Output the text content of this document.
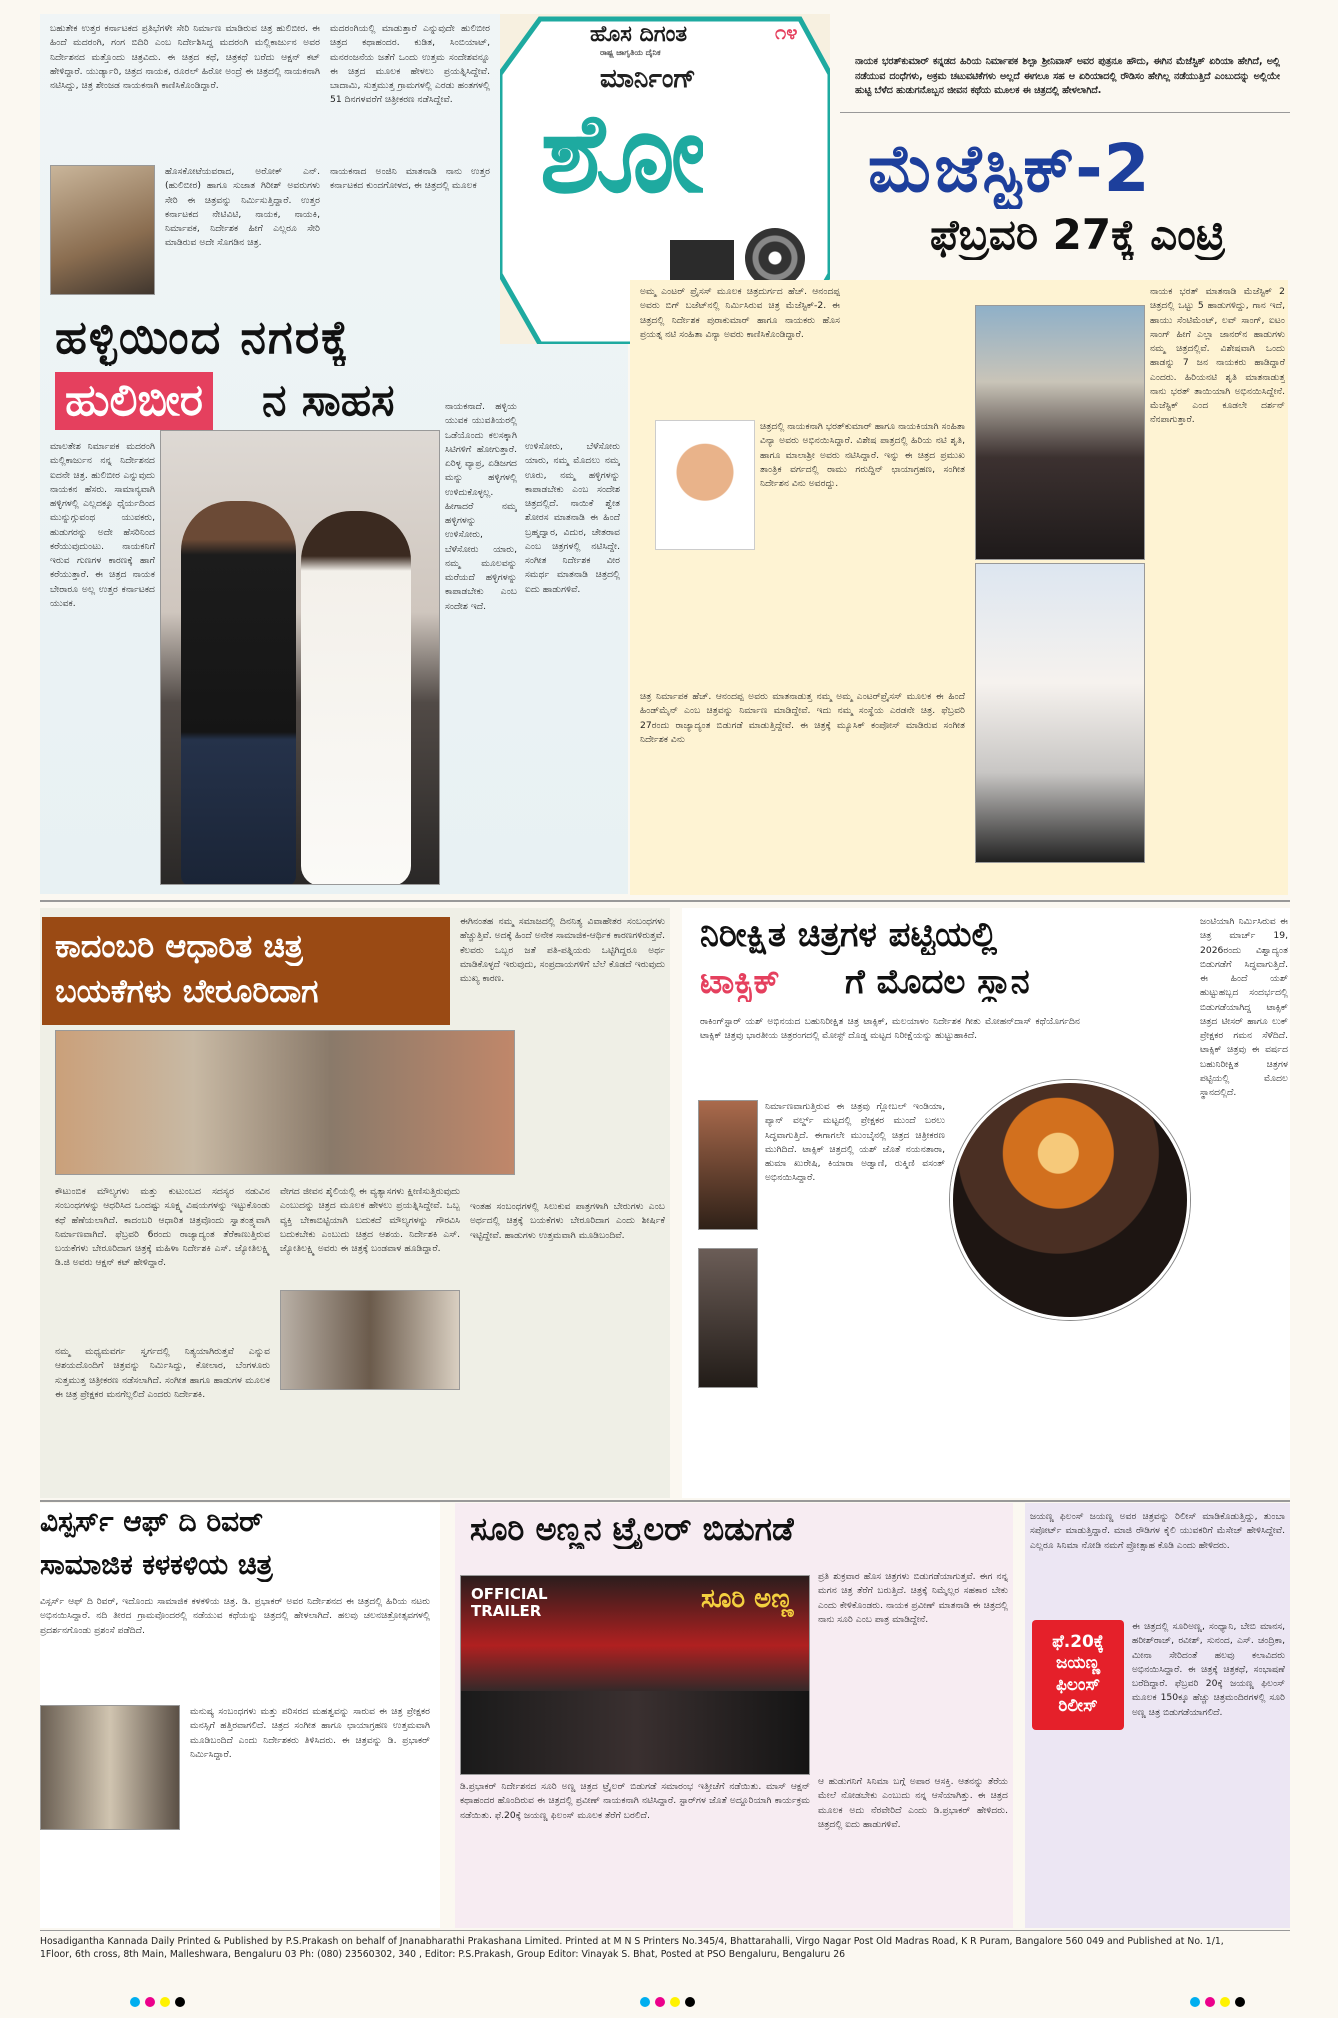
ಬಹುತೇಕ ಉತ್ತರ ಕರ್ನಾಟಕದ ಪ್ರತಿಭೆಗಳೇ ಸೇರಿ ನಿರ್ಮಾಣ ಮಾಡಿರುವ ಚಿತ್ರ ಹುಲಿಬೀರ. ಈ ಹಿಂದೆ ಮದರಂಗಿ, ಗಂಗ ಬಿದಿರಿ ಎಂಬ ನಿರ್ದೇಶಿಸಿದ್ದ ಮದರಂಗಿ ಮಲ್ಲಿಕಾರ್ಜುನ ಅವರ ನಿರ್ದೇಶನದ ಮತ್ತೊಂದು ಚಿತ್ರವಿದು. ಈ ಚಿತ್ರದ ಕಥೆ, ಚಿತ್ರಕಥೆ ಬರೆದು ಆಕ್ಷನ್ ಕಟ್ ಹೇಳಿದ್ದಾರೆ. ಯುರ್ಡ್ಯಾರಿ, ಚಿತ್ರದ ನಾಯಕ, ರೂರಲ್ ಹಿರೋ ಅಂದ್ರೆ ಈ ಚಿತ್ರದಲ್ಲಿ ನಾಯಕನಾಗಿ ನಟಿಸಿದ್ದು, ಚಿತ್ರ ಶೇಂಜಡ ನಾಯಕನಾಗಿ ಕಾಣಿಸಿಕೊಂಡಿದ್ದಾರೆ.
ಮದರಂಗಿಯಲ್ಲಿ ಮಾಡುತ್ತಾರೆ ಎನ್ನುವುದೇ ಹುಲಿಬೀರ ಚಿತ್ರದ ಕಥಾಹಂದರ. ಕುಡಿತ, ಸಿಂಬಿಯಾಟ್, ಮನರಂಜನೆಯ ಜತೆಗೆ ಒಂದು ಉತ್ತಮ ಸಂದೇಶವನ್ನೂ ಈ ಚಿತ್ರದ ಮೂಲಕ ಹೇಳಲು ಪ್ರಯತ್ನಿಸಿದ್ದೇವೆ. ಬಾದಾಮಿ, ಸುತ್ತಮುತ್ತ ಗ್ರಾಮಗಳಲ್ಲಿ ಎರಡು ಹಂತಗಳಲ್ಲಿ 51 ದಿನಗಳವರೆಗೆ ಚಿತ್ರೀಕರಣ ನಡೆಸಿದ್ದೇವೆ.
ಹೊಸಕೋಟೆಯವರಾದ, ಅರೋಕ್ ಎನ್. (ಹುಲಿಬೀರ) ಹಾಗೂ ಸುಜಾತ ಗಿರೀಶ್ ಅವರುಗಳು ಸೇರಿ ಈ ಚಿತ್ರವನ್ನು ನಿರ್ಮಿಸುತ್ತಿದ್ದಾರೆ. ಉತ್ತರ ಕರ್ನಾಟಕದ ನೇಟಿವಿಟಿ, ನಾಯಕ, ನಾಯಕಿ, ನಿರ್ಮಾಪಕ, ನಿರ್ದೇಶಕ ಹೀಗೆ ಎಲ್ಲರೂ ಸೇರಿ ಮಾಡಿರುವ ಅದೇ ಸೊಗಡಿನ ಚಿತ್ರ.
ನಾಯಕನಾದ ಅಂಜಿನಿ ಮಾತನಾಡಿ ನಾನು ಉತ್ತರ ಕರ್ನಾಟಕದ ಕುಂದಗೋಳದ, ಈ ಚಿತ್ರದಲ್ಲಿ ಮೂಲಕ
ಹಳ್ಳಿಯಿಂದ ನಗರಕ್ಕೆ
ಹುಲಿಬೀರ ನ ಸಾಹಸ
ಮಾಲತೇಶ ನಿರ್ಮಾಪಕ ಮದರಂಗಿ ಮಲ್ಲಿಕಾರ್ಜುನ ನನ್ನ ನಿರ್ದೇಶನದ ಐದನೇ ಚಿತ್ರ. ಹುಲಿಬೀರ ಎನ್ನುವುದು ನಾಯಕನ ಹೆಸರು. ಸಾಮಾನ್ಯವಾಗಿ ಹಳ್ಳಿಗಳಲ್ಲಿ ಎಲ್ಲದಕ್ಕೂ ಧೈರ್ಯದಿಂದ ಮುನ್ನುಗ್ಗುವಂಥ ಯುವಕರು, ಹುಡುಗರನ್ನು ಅದೇ ಹೆಸರಿನಿಂದ ಕರೆಯುವುದುಂಟು. ನಾಯಕನಿಗೆ ಇರುವ ಗುಣಗಳ ಕಾರಣಕ್ಕೆ ಹಾಗೆ ಕರೆಯುತ್ತಾರೆ. ಈ ಚಿತ್ರದ ನಾಯಕ ಬೇರಾರೂ ಅಲ್ಲ ಉತ್ತರ ಕರ್ನಾಟಕದ ಯುವಕ.
ನಾಯಕನಾದೆ. ಹಳ್ಳಿಯ ಯುವಕ ಯುವತಿಯರಲ್ಲಿ ಒಡೆಯೊಂದು ಕಲಸಕ್ಕಾಗಿ ಸಿಟಿಗಳಿಗೆ ಹೋಗುತ್ತಾರೆ. ಏರಿಳ್ಳ ವ್ಯಾಪ್ರ, ಏಡಿಜಗದ ಮನ್ನು ಹಳ್ಳಿಗಳಲ್ಲಿ ಉಳಿದುಕೊಳ್ಳಲ್ಲ. ಹೀಗಾದರೆ ನಮ್ಮ ಹಳ್ಳಿಗಳನ್ನು ಉಳಿಸೋರು, ಬೆಳೆಸೋರು ಯಾರು, ನಮ್ಮ ಮೂಲವನ್ನು ಮರೆಯದೆ ಹಳ್ಳಿಗಳನ್ನು ಕಾಪಾಡಬೇಕು ಎಂಬ ಸಂದೇಶ ಇದೆ.
ಉಳಿಸೋರು, ಬೆಳೆಸೋರು ಯಾರು, ನಮ್ಮ ಮೊದಲು ನಮ್ಮ ಊರು, ನಮ್ಮ ಹಳ್ಳಿಗಳನ್ನು ಕಾಪಾಡಬೇಕು ಎಂಬ ಸಂದೇಶ ಚಿತ್ರದಲ್ಲಿದೆ. ನಾಯಿಕೆ ಶ್ವೇತ ಶೋರಸ ಮಾತನಾಡಿ ಈ ಹಿಂದೆ ಬ್ರಹ್ಮದ್ವಾರ, ವಿದುರ, ಚೇತರಾವ ಎಂಬ ಚಿತ್ರಗಳಲ್ಲಿ ನಟಿಸಿದ್ದೇ. ಸಂಗೀತ ನಿರ್ದೇಶಕ ವೀರ ಸಮರ್ಥ ಮಾತನಾಡಿ ಚಿತ್ರದಲ್ಲಿ ಐದು ಹಾಡುಗಳಿವೆ.
ಹೊಸ ದಿಗಂತ	೧೪
ರಾಷ್ಟ್ರ ಜಾಗೃತಿಯ ದೈನಿಕ
ಮಾರ್ನಿಂಗ್
ಶೋ
ನಾಯಕ ಭರತ್‌ಕುಮಾರ್ ಕನ್ನಡದ ಹಿರಿಯ ನಿರ್ಮಾಪಕ ಶಿಲ್ಪಾ ಶ್ರೀನಿವಾಸ್ ಅವರ ಪುತ್ರನೂ ಹೌದು, ಈಗಿನ ಮೆಜೆಸ್ಟಿಕ್ ಏರಿಯಾ ಹೇಗಿದೆ, ಅಲ್ಲಿ ನಡೆಯುವ ದಂಧೆಗಳು, ಅಕ್ರಮ ಚಟುವಟಿಕೆಗಳು ಅಲ್ಲದೆ ಈಗಲೂ ಸಹ ಆ ಏರಿಯಾದಲ್ಲಿ ರೌಡಿಸಂ ಹೇಗಿಲ್ಲ ನಡೆಯುತ್ತಿದೆ ಎಂಬುದನ್ನು ಅಲ್ಲಿಯೇ ಹುಟ್ಟಿ ಬೆಳೆದ ಹುಡುಗನೊಬ್ಬನ ಜೀವನ ಕಥೆಯ ಮೂಲಕ ಈ ಚಿತ್ರದಲ್ಲಿ ಹೇಳಲಾಗಿದೆ.
ಮೆಜೆಸ್ಟಿಕ್-2
ಫೆಬ್ರವರಿ 27ಕ್ಕೆ ಎಂಟ್ರಿ
ಅಮ್ಮ ಎಂಟರ್ ಪ್ರೈಸಸ್ ಮೂಲಕ ಚಿತ್ರದುರ್ಗದ ಹೆಚ್. ಆನಂದಪ್ಪ ಅವರು ಬಿಗ್ ಬಜೆಟ್‌ನಲ್ಲಿ ನಿರ್ಮಿಸಿರುವ ಚಿತ್ರ ಮೆಜೆಸ್ಟಿಕ್-2. ಈ ಚಿತ್ರದಲ್ಲಿ ನಿರ್ದೇಶಕ ಪುರಾಕುಮಾರ್ ಹಾಗೂ ನಾಯಕರು ಹೊಸ ಪ್ರಯತ್ನ ನಟಿ ಸಂಹಿತಾ ವಿನ್ಯಾ ಅವರು ಕಾಣಿಸಿಕೊಂಡಿದ್ದಾರೆ.
ಚಿತ್ರದಲ್ಲಿ ನಾಯಕನಾಗಿ ಭರತ್‌ಕುಮಾರ್ ಹಾಗೂ ನಾಯಕಿಯಾಗಿ ಸಂಹಿತಾ ವಿನ್ಯಾ ಅವರು ಅಭಿನಯಿಸಿದ್ದಾರೆ. ವಿಶೇಷ ಪಾತ್ರದಲ್ಲಿ ಹಿರಿಯ ನಟಿ ಶೃತಿ, ಹಾಗೂ ಮಾಲಾಶ್ರೀ ಅವರು ನಟಿಸಿದ್ದಾರೆ. ಇನ್ನು ಈ ಚಿತ್ರದ ಪ್ರಮುಖ ತಾಂತ್ರಿಕ ವರ್ಗದಲ್ಲಿ ರಾಮು ಗರುದ್ದಿನ್ ಛಾಯಾಗ್ರಹಣ, ಸಂಗೀತ ನಿರ್ದೇಶನ ವಿನು ಅವರದ್ದು.
ಚಿತ್ರ ನಿರ್ಮಾಪಕ ಹೆಚ್. ಆನಂದಪ್ಪ ಅವರು ಮಾತನಾಡುತ್ತ ನಮ್ಮ ಅಮ್ಮ ಎಂಟರ್‌ಪ್ರೈಸಸ್ ಮೂಲಕ ಈ ಹಿಂದೆ ಹಿಂಡ್‌ಮೈನ್ ಎಂಬ ಚಿತ್ರವನ್ನು ನಿರ್ಮಾಣ ಮಾಡಿದ್ದೇವೆ. ಇದು ನಮ್ಮ ಸಂಸ್ಥೆಯ ಎರಡನೇ ಚಿತ್ರ. ಫೆಬ್ರವರಿ 27ರಂದು ರಾಜ್ಯಾದ್ಯಂತ ಬಿಡುಗಡೆ ಮಾಡುತ್ತಿದ್ದೇವೆ. ಈ ಚಿತ್ರಕ್ಕೆ ಮ್ಯೂಸಿಕ್ ಕಂಪೋಸ್ ಮಾಡಿರುವ ಸಂಗೀತ ನಿರ್ದೇಶಕ ವಿನು
ನಾಯಕ ಭರತ್ ಮಾತನಾಡಿ ಮೆಜೆಸ್ಟಿಕ್ 2 ಚಿತ್ರದಲ್ಲಿ ಒಟ್ಟು 5 ಹಾಡುಗಳಿದ್ದು, ಗಾನ ಇದೆ, ಹಾಯು ಸೆಂಟಿಮೆಂಟ್, ಲವ್ ಸಾಂಗ್, ಐಟಂ ಸಾಂಗ್ ಹೀಗೆ ಎಲ್ಲಾ ಜಾನರ್‌ನ ಹಾಡುಗಳು ನಮ್ಮ ಚಿತ್ರದಲ್ಲಿವೆ. ವಿಶೇಷವಾಗಿ ಒಂದು ಹಾಡನ್ನು 7 ಜನ ನಾಯಕರು ಹಾಡಿದ್ದಾರೆ ಎಂದರು. ಹಿರಿಯನಟಿ ಶೃತಿ ಮಾತನಾಡುತ್ತ ನಾನು ಭರತ್ ತಾಯಿಯಾಗಿ ಅಭಿನಯಿಸಿದ್ದೇನೆ. ಮೆಜೆಸ್ಟಿಕ್ ಎಂದ ಕೂಡಲೇ ದರ್ಶನ್ ನೆನಪಾಗುತ್ತಾರೆ.
ಕಾದಂಬರಿ ಆಧಾರಿತ ಚಿತ್ರ
ಬಯಕೆಗಳು ಬೇರೂರಿದಾಗ
ಈಗಿನಂತಹ ನಮ್ಮ ಸಮಾಜದಲ್ಲಿ ದಿನನಿತ್ಯ ವಿವಾಹೇತರ ಸಂಬಂಧಗಳು ಹೆಚ್ಚುತ್ತಿವೆ. ಅದಕ್ಕೆ ಹಿಂದೆ ಅನೇಕ ಸಾಮಾಜಿಕ-ಆರ್ಥಿಕ ಕಾರಣಗಳಿರುತ್ತವೆ. ಕೆಲವರು ಒಬ್ಬರ ಜತೆ ಪತಿ-ಪತ್ನಿಯರು ಒಟ್ಟಿಗಿದ್ದರೂ ಅರ್ಥ ಮಾಡಿಕೊಳ್ಳದೆ ಇರುವುದು, ಸಂಪ್ರದಾಯಗಳಿಗೆ ಬೆಲೆ ಕೊಡದೆ ಇರುವುದು ಮುಖ್ಯ ಕಾರಣ.
ಕೌಟುಂಬಿಕ ಮೌಲ್ಯಗಳು ಮತ್ತು ಕುಟುಂಬದ ಸದಸ್ಯರ ನಡುವಿನ ಸಂಬಂಧಗಳನ್ನು ಆಧರಿಸಿದ ಒಂದಷ್ಟು ಸೂಕ್ಷ್ಮ ವಿಷಯಗಳನ್ನು ಇಟ್ಟುಕೊಂಡು ಕಥೆ ಹೆಣೆಯಲಾಗಿದೆ. ಕಾದಂಬರಿ ಆಧಾರಿತ ಚಿತ್ರವೊಂದು ಸ್ವಾತಂತ್ರ್ಯವಾಗಿ ನಿರ್ಮಾಣವಾಗಿದೆ. ಫೆಬ್ರವರಿ 6ರಂದು ರಾಜ್ಯಾದ್ಯಂತ ತೆರೆಕಾಣುತ್ತಿರುವ ಬಯಕೆಗಳು ಬೇರೂರಿದಾಗ ಚಿತ್ರಕ್ಕೆ ಮಹಿಳಾ ನಿರ್ದೇಶಕಿ ಎಸ್. ಜ್ಯೋತಿಲಕ್ಷ್ಮಿ ಡಿ.ಜಿ ಅವರು ಆಕ್ಷನ್ ಕಟ್ ಹೇಳಿದ್ದಾರೆ.
ನಮ್ಮ ಮಧ್ಯಮವರ್ಗ ಸ್ವರ್ಗದಲ್ಲಿ ನಿತ್ಯಯಾಗಿರುತ್ತವೆ ಎನ್ನುವ ಆಶಯದೊಂದಿಗೆ ಚಿತ್ರವನ್ನು ನಿರ್ಮಿಸಿದ್ದು, ಕೋಲಾರ, ಬೆಂಗಳೂರು ಸುತ್ತಮುತ್ತ ಚಿತ್ರೀಕರಣ ನಡೆಸಲಾಗಿದೆ. ಸಂಗೀತ ಹಾಗೂ ಹಾಡುಗಳ ಮೂಲಕ ಈ ಚಿತ್ರ ಪ್ರೇಕ್ಷಕರ ಮನಗೆಲ್ಲಲಿದೆ ಎಂದರು ನಿರ್ದೇಶಕಿ.
ವೇಗದ ಜೀವನ ಶೈಲಿಯಲ್ಲಿ ಈ ವ್ಯತ್ಯಾಸಗಳು ಕ್ಷೀಣಿಸುತ್ತಿರುವುದು ಎಂಬುದನ್ನು ಚಿತ್ರದ ಮೂಲಕ ಹೇಳಲು ಪ್ರಯತ್ನಿಸಿದ್ದೇವೆ. ಒಬ್ಬ ವ್ಯಕ್ತಿ ಬೇಕಾಬಿಟ್ಟಿಯಾಗಿ ಬದುಕದೆ ಮೌಲ್ಯಗಳನ್ನು ಗೌರವಿಸಿ ಬದುಕಬೇಕು ಎಂಬುದು ಚಿತ್ರದ ಆಶಯ. ನಿರ್ದೇಶಕಿ ಎಸ್. ಜ್ಯೋತಿಲಕ್ಷ್ಮಿ ಅವರು ಈ ಚಿತ್ರಕ್ಕೆ ಬಂಡವಾಳ ಹೂಡಿದ್ದಾರೆ.
ಇಂತಹ ಸಂಬಂಧಗಳಲ್ಲಿ ಸಿಲುಕುವ ಪಾತ್ರಗಳಾಗಿ ಬೇರುಗಳು ಎಂಬ ಅರ್ಥದಲ್ಲಿ ಚಿತ್ರಕ್ಕೆ ಬಯಕೆಗಳು ಬೇರೂರಿದಾಗ ಎಂದು ಶೀರ್ಷಿಕೆ ಇಟ್ಟಿದ್ದೇವೆ. ಹಾಡುಗಳು ಉತ್ತಮವಾಗಿ ಮೂಡಿಬಂದಿವೆ.
ನಿರೀಕ್ಷಿತ ಚಿತ್ರಗಳ ಪಟ್ಟಿಯಲ್ಲಿ
ಟಾಕ್ಸಿಕ್ ಗೆ ಮೊದಲ ಸ್ಥಾನ
ರಾಕಿಂಗ್‌ಸ್ಟಾರ್ ಯಶ್ ಅಭಿನಯದ ಬಹುನಿರೀಕ್ಷಿತ ಚಿತ್ರ ಟಾಕ್ಸಿಕ್, ಮಲಯಾಳಂ ನಿರ್ದೇಶಕ ಗೀತು ಮೋಹನ್‌ದಾಸ್ ಕಥೆಯೊರ್ಗದಿನ ಟಾಕ್ಸಿಕ್ ಚಿತ್ರವು ಭಾರತೀಯ ಚಿತ್ರರಂಗದಲ್ಲಿ ಮೋಸ್ಟ್ ದೊಡ್ಡ ಮಟ್ಟದ ನಿರೀಕ್ಷೆಯನ್ನು ಹುಟ್ಟುಹಾಕಿದೆ.
ನಿರ್ಮಾಣವಾಗುತ್ತಿರುವ ಈ ಚಿತ್ರವು ಗ್ಲೋಬಲ್ ಇಂಡಿಯಾ, ಪ್ಯಾನ್ ವರ್ಲ್ಡ್ ಮಟ್ಟದಲ್ಲಿ ಪ್ರೇಕ್ಷಕರ ಮುಂದೆ ಬರಲು ಸಿದ್ಧವಾಗುತ್ತಿದೆ. ಈಗಾಗಲೇ ಮುಂಬೈನಲ್ಲಿ ಚಿತ್ರದ ಚಿತ್ರೀಕರಣ ಮುಗಿದಿದೆ. ಟಾಕ್ಸಿಕ್ ಚಿತ್ರದಲ್ಲಿ ಯಶ್ ಜೊತೆ ನಯನತಾರಾ, ಹುಮಾ ಖುರೇಷಿ, ಕಿಯಾರಾ ಅಡ್ವಾಣಿ, ರುಕ್ಮಿಣಿ ವಸಂತ್ ಅಭಿನಯಿಸಿದ್ದಾರೆ.
ಜಂಟಿಯಾಗಿ ನಿರ್ಮಿಸಿರುವ ಈ ಚಿತ್ರ ಮಾರ್ಚ್ 19, 2026ರಂದು ವಿಶ್ವಾದ್ಯಂತ ಬಿಡುಗಡೆಗೆ ಸಿದ್ಧವಾಗುತ್ತಿದೆ. ಈ ಹಿಂದೆ ಯಶ್ ಹುಟ್ಟುಹಬ್ಬದ ಸಂದರ್ಭದಲ್ಲಿ ಬಿಡುಗಡೆಯಾಗಿದ್ದ ಟಾಕ್ಸಿಕ್ ಚಿತ್ರದ ಟೀಸರ್ ಹಾಗೂ ಲುಕ್ ಪ್ರೇಕ್ಷಕರ ಗಮನ ಸೆಳೆದಿದೆ. ಟಾಕ್ಸಿಕ್ ಚಿತ್ರವು ಈ ವರ್ಷದ ಬಹುನಿರೀಕ್ಷಿತ ಚಿತ್ರಗಳ ಪಟ್ಟಿಯಲ್ಲಿ ಮೊದಲ ಸ್ಥಾನದಲ್ಲಿದೆ.
ವಿಸ್ಪರ್ಸ್ ಆಫ್ ದಿ ರಿವರ್
ಸಾಮಾಜಿಕ ಕಳಕಳಿಯ ಚಿತ್ರ
ವಿಸ್ಪರ್ಸ್ ಆಫ್ ದಿ ರಿವರ್, ಇದೊಂದು ಸಾಮಾಜಿಕ ಕಳಕಳಿಯ ಚಿತ್ರ. ಡಿ. ಪ್ರಭಾಕರ್ ಅವರ ನಿರ್ದೇಶನದ ಈ ಚಿತ್ರದಲ್ಲಿ ಹಿರಿಯ ನಟರು ಅಭಿನಯಿಸಿದ್ದಾರೆ. ನದಿ ತೀರದ ಗ್ರಾಮವೊಂದರಲ್ಲಿ ನಡೆಯುವ ಕಥೆಯನ್ನು ಚಿತ್ರದಲ್ಲಿ ಹೇಳಲಾಗಿದೆ. ಹಲವು ಚಲನಚಿತ್ರೋತ್ಸವಗಳಲ್ಲಿ ಪ್ರದರ್ಶನಗೊಂಡು ಪ್ರಶಂಸೆ ಪಡೆದಿದೆ.
ಮನುಷ್ಯ ಸಂಬಂಧಗಳು ಮತ್ತು ಪರಿಸರದ ಮಹತ್ವವನ್ನು ಸಾರುವ ಈ ಚಿತ್ರ ಪ್ರೇಕ್ಷಕರ ಮನಸ್ಸಿಗೆ ಹತ್ತಿರವಾಗಲಿದೆ. ಚಿತ್ರದ ಸಂಗೀತ ಹಾಗೂ ಛಾಯಾಗ್ರಹಣ ಉತ್ತಮವಾಗಿ ಮೂಡಿಬಂದಿದೆ ಎಂದು ನಿರ್ದೇಶಕರು ತಿಳಿಸಿದರು. ಈ ಚಿತ್ರವನ್ನು ಡಿ. ಪ್ರಭಾಕರ್ ನಿರ್ಮಿಸಿದ್ದಾರೆ.
ಸೂರಿ ಅಣ್ಣನ ಟ್ರೈಲರ್ ಬಿಡುಗಡೆ
OFFICIAL TRAILER	ಸೂರಿ ಅಣ್ಣ
ಡಿ.ಪ್ರಭಾಕರ್ ನಿರ್ದೇಶನದ ಸೂರಿ ಅಣ್ಣ ಚಿತ್ರದ ಟ್ರೈಲರ್ ಬಿಡುಗಡೆ ಸಮಾರಂಭ ಇತ್ತೀಚೆಗೆ ನಡೆಯಿತು. ಮಾಸ್ ಆಕ್ಷನ್ ಕಥಾಹಂದರ ಹೊಂದಿರುವ ಈ ಚಿತ್ರದಲ್ಲಿ ಪ್ರವೀಣ್ ನಾಯಕನಾಗಿ ನಟಿಸಿದ್ದಾರೆ. ಸ್ಟಾರ್‌ಗಳ ಜೊತೆ ಅದ್ದೂರಿಯಾಗಿ ಕಾರ್ಯಕ್ರಮ ನಡೆಯಿತು. ಫೆ.20ಕ್ಕೆ ಜಯಣ್ಣ ಫಿಲಂಸ್ ಮೂಲಕ ತೆರೆಗೆ ಬರಲಿದೆ.
ಪ್ರತಿ ಶುಕ್ರವಾರ ಹೊಸ ಚಿತ್ರಗಳು ಬಿಡುಗಡೆಯಾಗುತ್ತವೆ. ಈಗ ನನ್ನ ಮಗನ ಚಿತ್ರ ತೆರೆಗೆ ಬರುತ್ತಿದೆ. ಚಿತ್ರಕ್ಕೆ ನಿಮ್ಮೆಲ್ಲರ ಸಹಕಾರ ಬೇಕು ಎಂದು ಕೇಳಿಕೊಂಡರು. ನಾಯಕ ಪ್ರವೀಣ್ ಮಾತನಾಡಿ ಈ ಚಿತ್ರದಲ್ಲಿ ನಾನು ಸೂರಿ ಎಂಬ ಪಾತ್ರ ಮಾಡಿದ್ದೇನೆ.
ಆ ಹುಡುಗನಿಗೆ ಸಿನಿಮಾ ಬಗ್ಗೆ ಅಪಾರ ಆಸಕ್ತಿ. ಆತನನ್ನು ತೆರೆಯ ಮೇಲೆ ನೋಡಬೇಕು ಎಂಬುದು ನನ್ನ ಆಸೆಯಾಗಿತ್ತು. ಈ ಚಿತ್ರದ ಮೂಲಕ ಅದು ನೆರವೇರಿದೆ ಎಂದು ಡಿ.ಪ್ರಭಾಕರ್ ಹೇಳಿದರು. ಚಿತ್ರದಲ್ಲಿ ಐದು ಹಾಡುಗಳಿವೆ.
ಜಯಣ್ಣ ಫಿಲಂಸ್ ಜಯಣ್ಣ ಅವರ ಚಿತ್ರವನ್ನು ರಿಲೀಸ್ ಮಾಡಿಕೊಡುತ್ತಿದ್ದು, ತುಂಬಾ ಸಪೋರ್ಟ್ ಮಾಡುತ್ತಿದ್ದಾರೆ. ಮಾಜಿ ರೌಡಿಗಳ ಕೈಲಿ ಯುವಕರಿಗೆ ಮೆಸೇಜ್ ಹೇಳಿಸಿದ್ದೇವೆ. ಎಲ್ಲರೂ ಸಿನಿಮಾ ನೋಡಿ ನಮಗೆ ಪ್ರೋತ್ಸಾಹ ಕೊಡಿ ಎಂದು ಹೇಳಿದರು.
ಫೆ.20ಕ್ಕೆ
ಜಯಣ್ಣ
ಫಿಲಂಸ್
ರಿಲೀಸ್
ಈ ಚಿತ್ರದಲ್ಲಿ ಸೂರಿಅಣ್ಣ, ಸಂಧ್ಯಾನಿ, ಬೇಬಿ ಮಾನಸ, ಹರೀಶ್‌ರಾಜ್, ರವೀಶ್, ಸುನಂದ, ಎಸ್. ಚಂದ್ರಿಕಾ, ಮೀನಾ ಸೇರಿದಂತೆ ಹಲವು ಕಲಾವಿದರು ಅಭಿನಯಿಸಿದ್ದಾರೆ. ಈ ಚಿತ್ರಕ್ಕೆ ಚಿತ್ರಕಥೆ, ಸಂಭಾಷಣೆ ಬರೆದಿದ್ದಾರೆ. ಫೆಬ್ರವರಿ 20ಕ್ಕೆ ಜಯಣ್ಣ ಫಿಲಂಸ್ ಮೂಲಕ 150ಕ್ಕೂ ಹೆಚ್ಚು ಚಿತ್ರಮಂದಿರಗಳಲ್ಲಿ ಸೂರಿ ಅಣ್ಣ ಚಿತ್ರ ಬಿಡುಗಡೆಯಾಗಲಿದೆ.
Hosadigantha Kannada Daily Printed & Published by P.S.Prakash on behalf of Jnanabharathi Prakashana Limited. Printed at M N S Printers No.345/4, Bhattarahalli, Virgo Nagar Post Old Madras Road, K R Puram, Bangalore 560 049 and Published at No. 1/1,
1Floor, 6th cross, 8th Main, Malleshwara, Bengaluru 03 Ph: (080) 23560302, 340 , Editor: P.S.Prakash, Group Editor: Vinayak S. Bhat, Posted at PSO Bengaluru, Bengaluru 26
